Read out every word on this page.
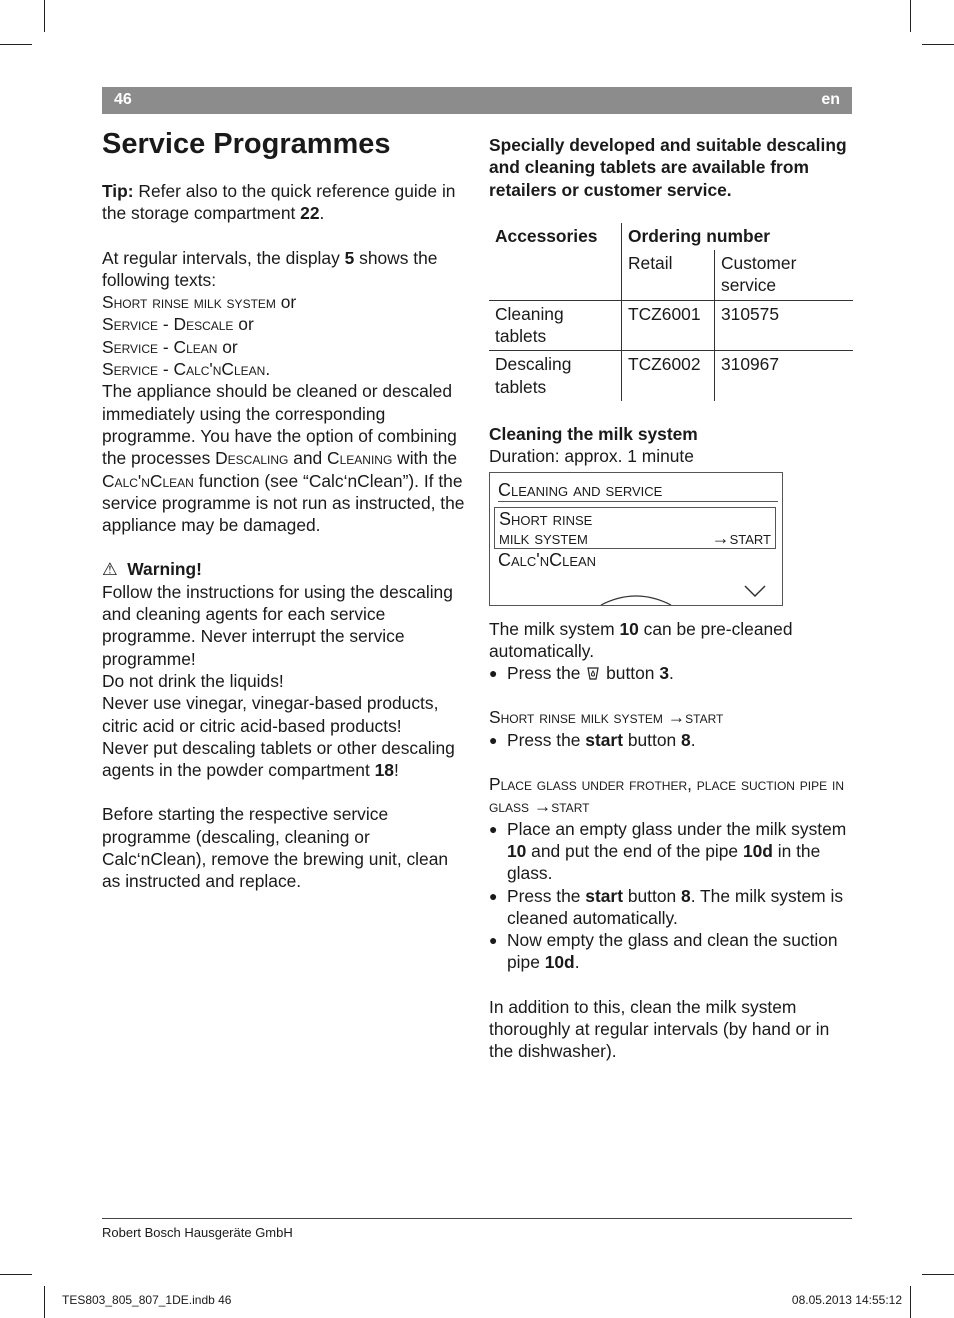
46	en
Service Programmes

Tip: Refer also to the quick reference guide in the storage compartment 22.

At regular intervals, the display 5 shows the following texts:

Short rinse milk system or

Service - Descale or

Service - Clean or

Service - Calc'nClean.

The appliance should be cleaned or descaled immediately using the corresponding programme. You have the option of combining the processes Descaling and Cleaning with the Calc'nClean function (see “Calc‘nClean”). If the service programme is not run as instructed, the appliance may be damaged.

⚠ Warning!

Follow the instructions for using the descaling and cleaning agents for each service programme. Never interrupt the service programme!

Do not drink the liquids!

Never use vinegar, vinegar-based products, citric acid or citric acid-based products!

Never put descaling tablets or other descaling agents in the powder compartment 18!

Before starting the respective service programme (descaling, cleaning or Calc‘nClean), remove the brewing unit, clean as instructed and replace.

Specially developed and suitable descaling and cleaning tablets are available from retailers or customer service.

Accessories	Ordering number	
	Retail	Customer service
Cleaning tablets	TCZ6001	310575
Descaling tablets	TCZ6002	310967

Cleaning the milk system

Duration: approx. 1 minute

Cleaning and service
Short rinse
milk system	→start
Calc'nClean

The milk system 10 can be pre-cleaned automatically.

● Press the  button 3.

Short rinse milk system →start

● Press the start button 8.

Place glass under frother, place suction pipe in glass →start

● Place an empty glass under the milk system 10 and put the end of the pipe 10d in the glass.
● Press the start button 8. The milk system is cleaned automatically.
● Now empty the glass and clean the suction pipe 10d.

In addition to this, clean the milk system thoroughly at regular intervals (by hand or in the dishwasher).

Robert Bosch Hausgeräte GmbH
TES803_805_807_1DE.indb 46	08.05.2013 14:55:12
